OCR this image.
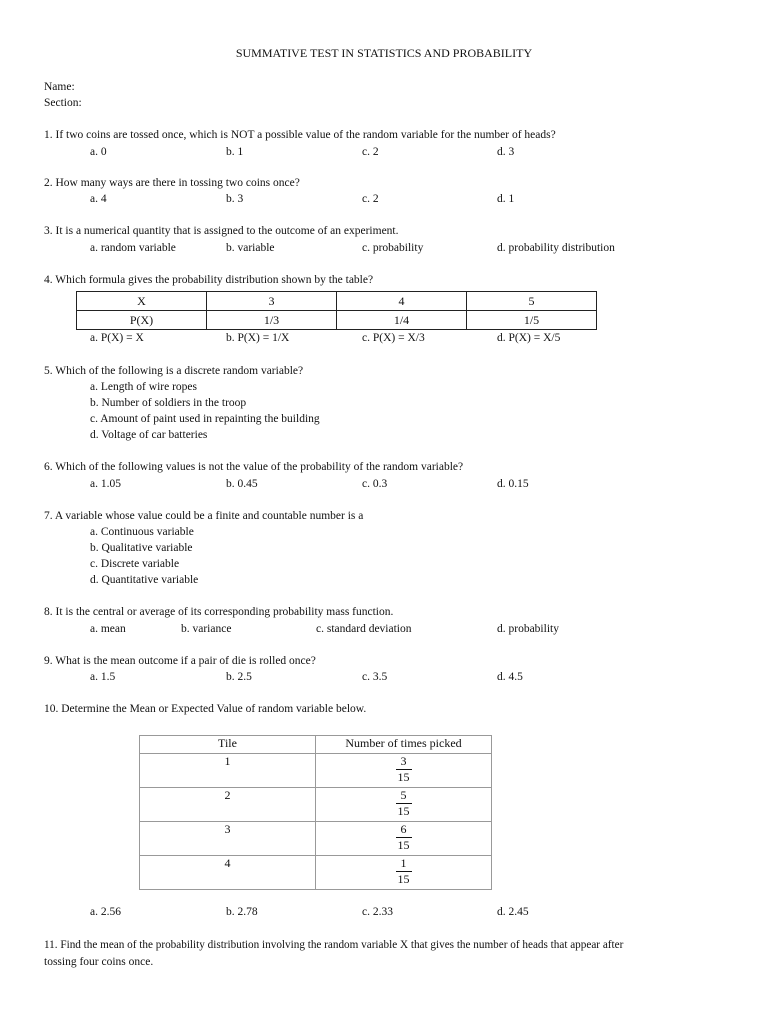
SUMMATIVE TEST IN STATISTICS AND PROBABILITY
Name:
Section:
1. If two coins are tossed once, which is NOT a possible value of the random variable for the number of heads?
a. 0	b. 1	c. 2	d. 3
2. How many ways are there in tossing two coins once?
a. 4	b. 3	c. 2	d. 1
3. It is a numerical quantity that is assigned to the outcome of an experiment.
a. random variable	b. variable	c. probability	d. probability distribution
4. Which formula gives the probability distribution shown by the table?
X	3	4	5
P(X)	1/3	1/4	1/5
a. P(X) = X	b. P(X) = 1/X	c. P(X) = X/3	d. P(X) = X/5
5. Which of the following is a discrete random variable?
a. Length of wire ropes
b. Number of soldiers in the troop
c. Amount of paint used in repainting the building
d. Voltage of car batteries
6. Which of the following values is not the value of the probability of the random variable?
a. 1.05	b. 0.45	c. 0.3	d. 0.15
7. A variable whose value could be a finite and countable number is a
a. Continuous variable
b. Qualitative variable
c. Discrete variable
d. Quantitative variable
8. It is the central or average of its corresponding probability mass function.
a. mean	b. variance	c. standard deviation	d. probability
9. What is the mean outcome if a pair of die is rolled once?
a. 1.5	b. 2.5	c. 3.5	d. 4.5
10. Determine the Mean or Expected Value of random variable below.
Tile	Number of times picked
1	$\frac{3}{15}$

2	$\frac{5}{15}$

3	$\frac{6}{15}$

4	$\frac{1}{15}$
a. 2.56	b. 2.78	c. 2.33	d. 2.45
11. Find the mean of the probability distribution involving the random variable X that gives the number of heads that appear after
tossing four coins once.
